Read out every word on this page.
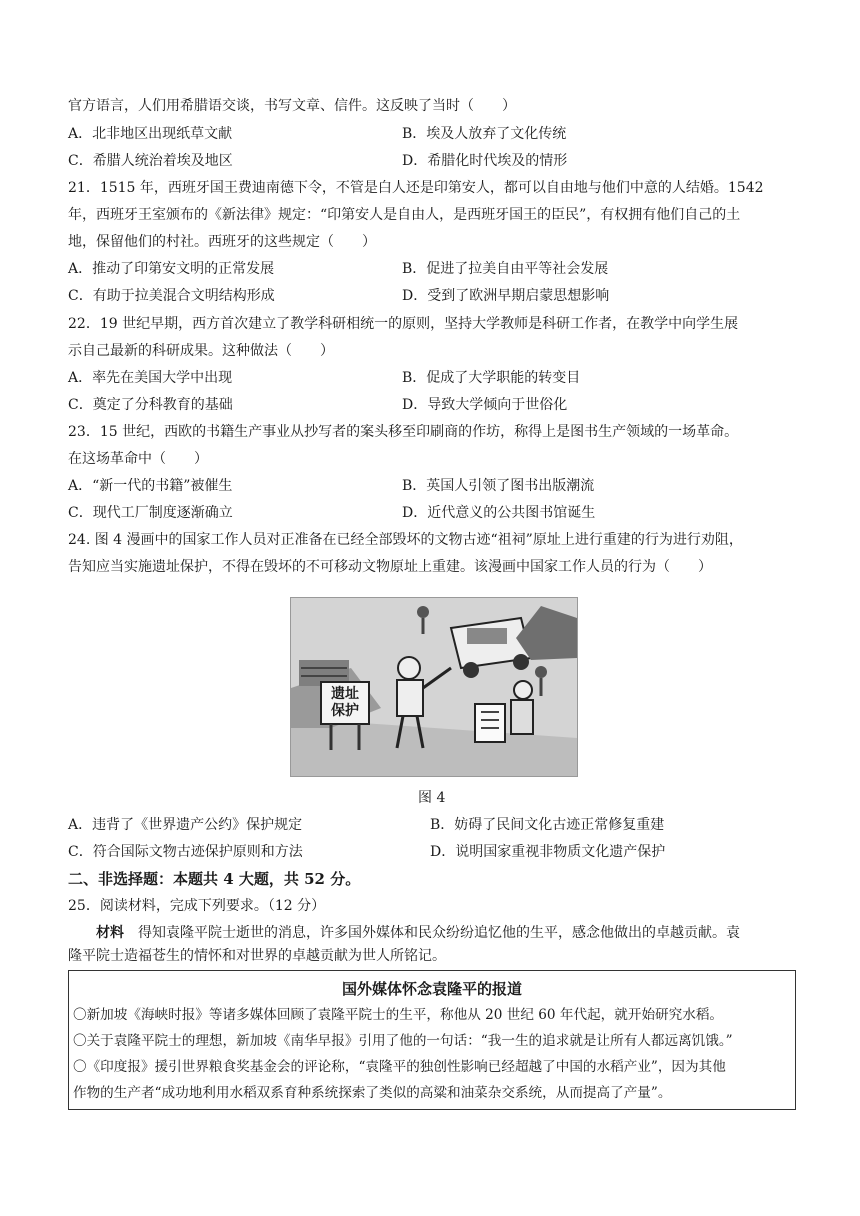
官方语言，人们用希腊语交谈，书写文章、信件。这反映了当时（　　）
A．北非地区出现纸草文献	B．埃及人放弃了文化传统
C．希腊人统治着埃及地区	D．希腊化时代埃及的情形
21．1515 年，西班牙国王费迪南德下令，不管是白人还是印第安人，都可以自由地与他们中意的人结婚。1542
年，西班牙王室颁布的《新法律》规定：“印第安人是自由人，是西班牙国王的臣民”，有权拥有他们自己的土
地，保留他们的村社。西班牙的这些规定（　　）
A．推动了印第安文明的正常发展	B．促进了拉美自由平等社会发展
C．有助于拉美混合文明结构形成	D．受到了欧洲早期启蒙思想影响
22．19 世纪早期，西方首次建立了教学科研相统一的原则，坚持大学教师是科研工作者，在教学中向学生展
示自己最新的科研成果。这种做法（　　）
A．率先在美国大学中出现	B．促成了大学职能的转变目
C．奠定了分科教育的基础	D．导致大学倾向于世俗化
23．15 世纪，西欧的书籍生产事业从抄写者的案头移至印刷商的作坊，称得上是图书生产领域的一场革命。
在这场革命中（　　）
A．“新一代的书籍”被催生	B．英国人引领了图书出版潮流
C．现代工厂制度逐渐确立	D．近代意义的公共图书馆诞生
24. 图 4 漫画中的国家工作人员对正准备在已经全部毁坏的文物古迹“祖祠”原址上进行重建的行为进行劝阻，
告知应当实施遗址保护，不得在毁坏的不可移动文物原址上重建。该漫画中国家工作人员的行为（　　）
遗址保护
图 4
A．违背了《世界遗产公约》保护规定	B．妨碍了民间文化古迹正常修复重建
C．符合国际文物古迹保护原则和方法	D．说明国家重视非物质文化遗产保护
二、非选择题：本题共 4 大题，共 52 分。
25．阅读材料，完成下列要求。（12 分）
材料　得知袁隆平院士逝世的消息，许多国外媒体和民众纷纷追忆他的生平，感念他做出的卓越贡献。袁
隆平院士造福苍生的情怀和对世界的卓越贡献为世人所铭记。
国外媒体怀念袁隆平的报道
〇新加坡《海峡时报》等诸多媒体回顾了袁隆平院士的生平，称他从 20 世纪 60 年代起，就开始研究水稻。
〇关于袁隆平院士的理想，新加坡《南华早报》引用了他的一句话：“我一生的追求就是让所有人都远离饥饿。”
〇《印度报》援引世界粮食奖基金会的评论称，“袁隆平的独创性影响已经超越了中国的水稻产业”，因为其他
作物的生产者“成功地利用水稻双系育种系统探索了类似的高粱和油菜杂交系统，从而提高了产量”。
